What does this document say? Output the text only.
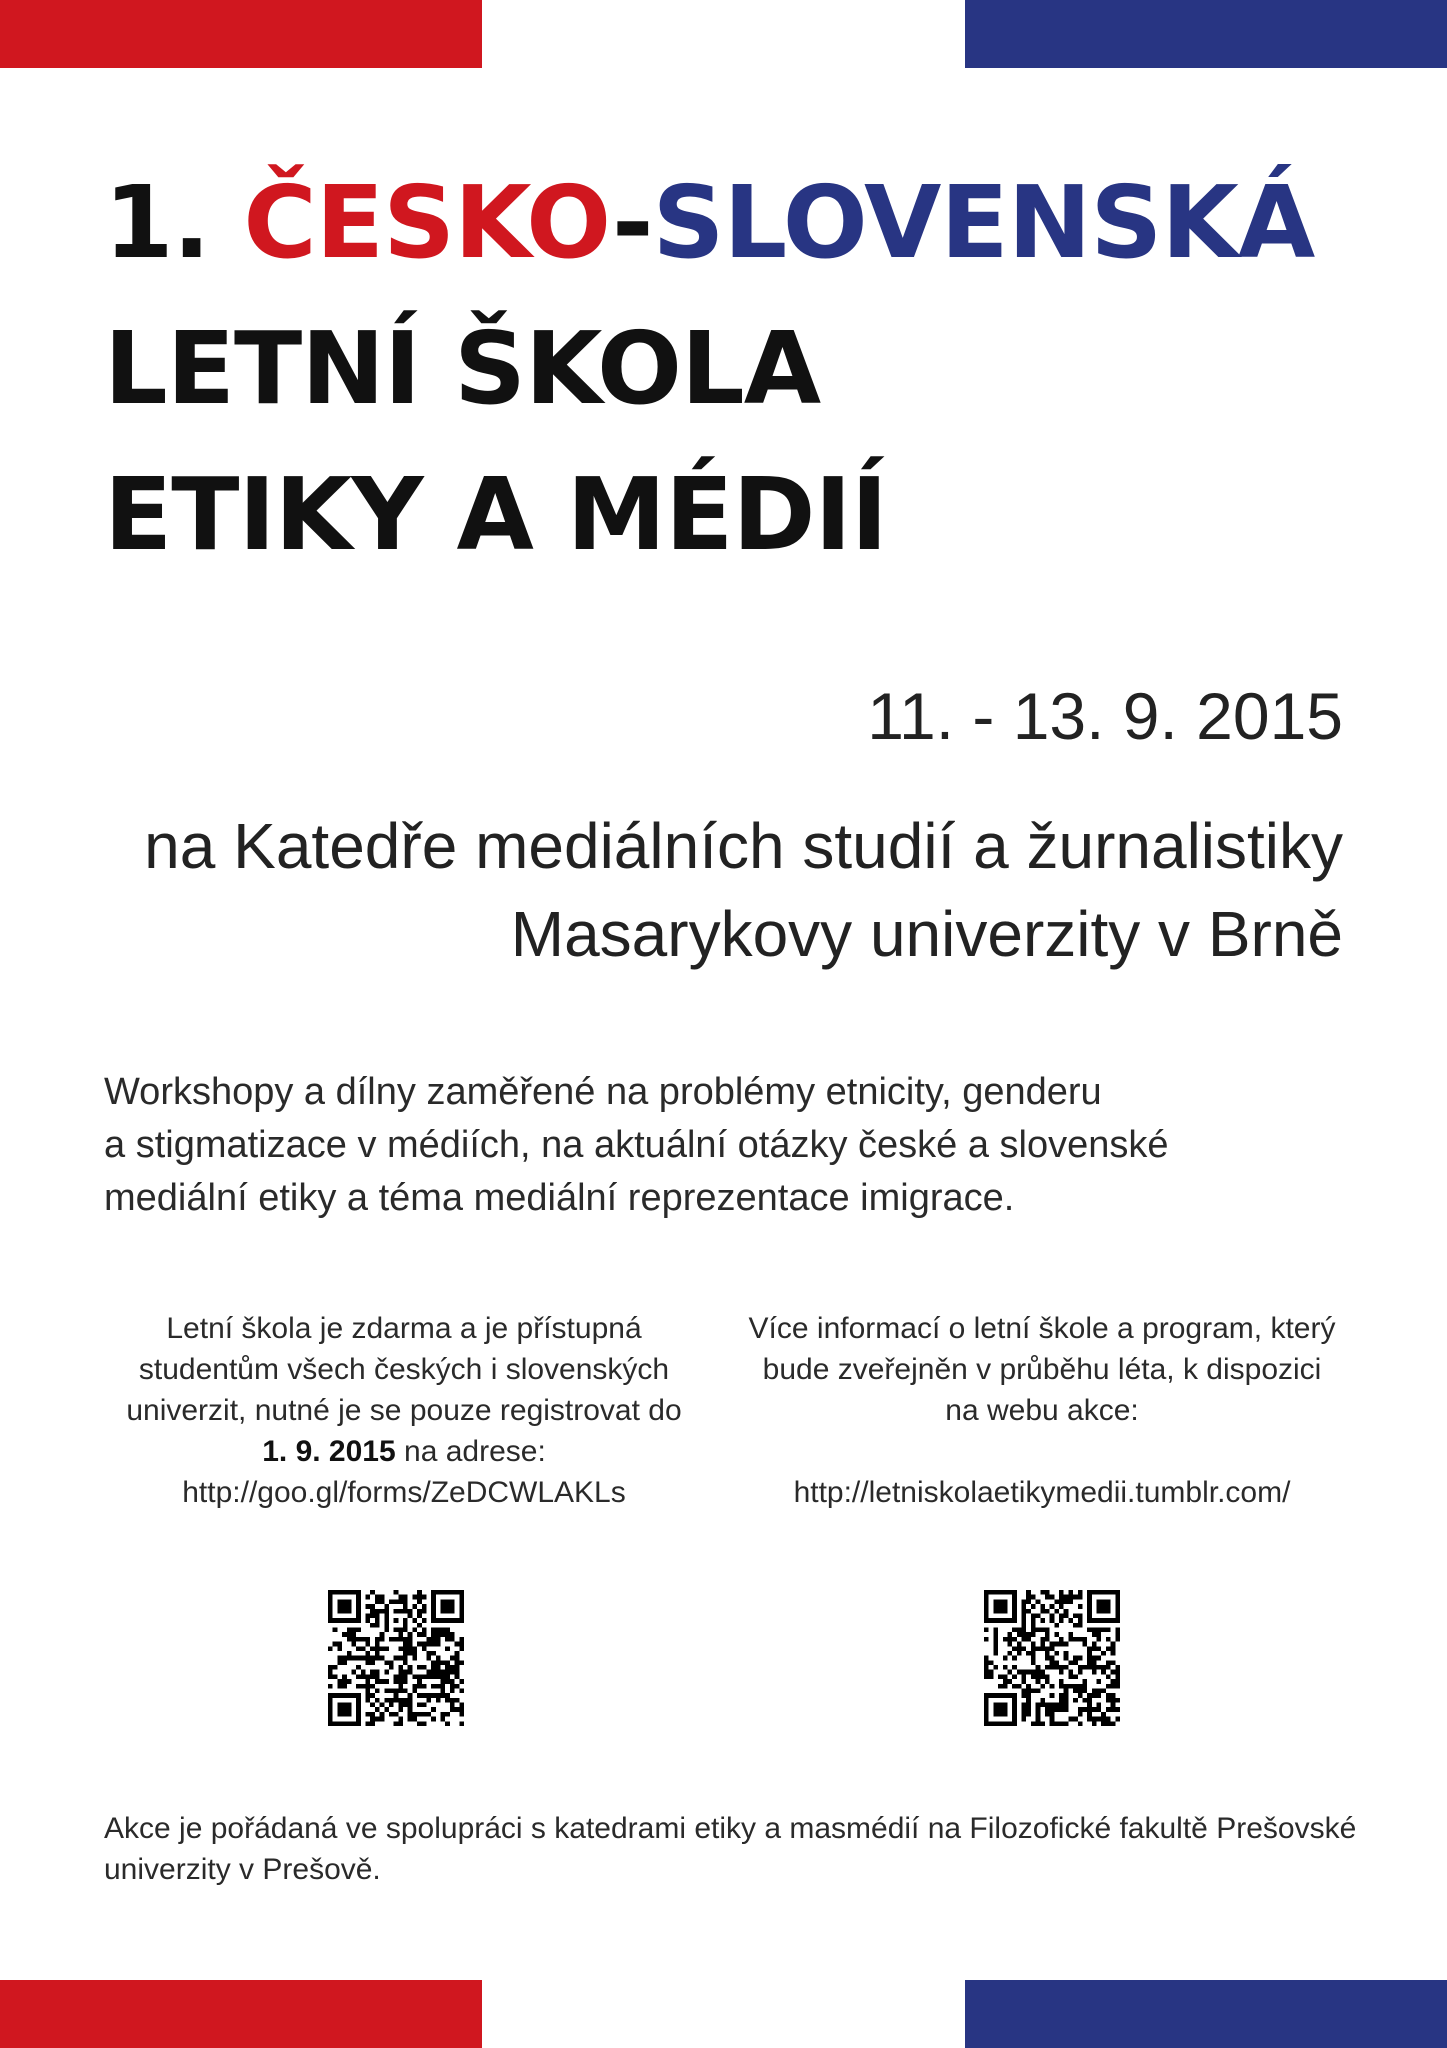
1. ČESKO-SLOVENSKÁ
LETNÍ ŠKOLA
ETIKY A MÉDIÍ
11. - 13. 9. 2015
na Katedře mediálních studií a žurnalistiky
Masarykovy univerzity v Brně
Workshopy a dílny zaměřené na problémy etnicity, genderu
a stigmatizace v médiích, na aktuální otázky české a slovenské
mediální etiky a téma mediální reprezentace imigrace.
Letní škola je zdarma a je přístupná
studentům všech českých i slovenských
univerzit, nutné je se pouze registrovat do
1. 9. 2015 na adrese:
http://goo.gl/forms/ZeDCWLAKLs
Více informací o letní škole a program, který
bude zveřejněn v průběhu léta, k dispozici
na webu akce:
http://letniskolaetikymedii.tumblr.com/
Akce je pořádaná ve spolupráci s katedrami etiky a masmédií na Filozofické fakultě Prešovské
univerzity v Prešově.
